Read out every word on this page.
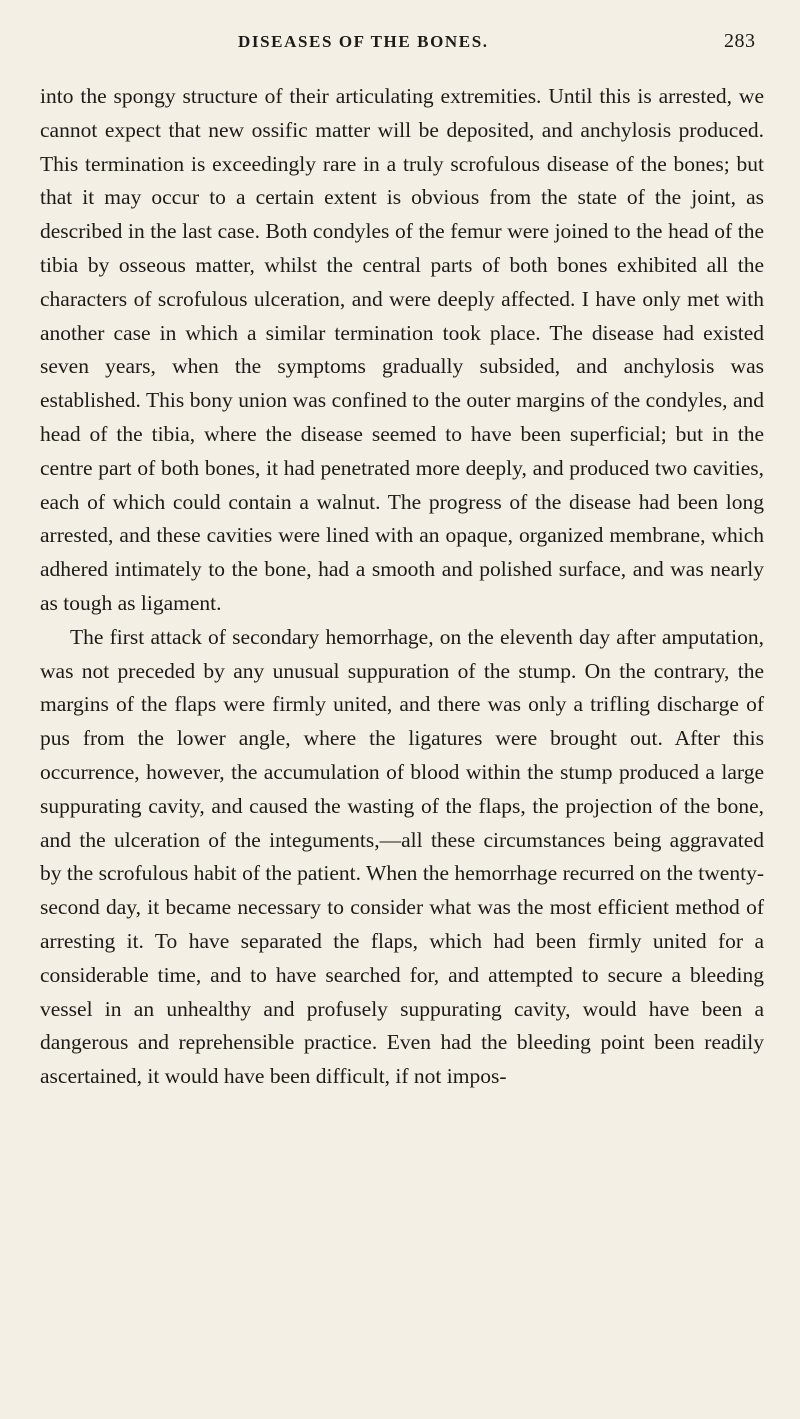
DISEASES OF THE BONES.	283

into the spongy structure of their articulating extremities. Until this is arrested, we cannot expect that new ossific matter will be deposited, and anchylosis produced. This termination is exceedingly rare in a truly scrofulous disease of the bones; but that it may occur to a certain extent is obvious from the state of the joint, as described in the last case. Both condyles of the femur were joined to the head of the tibia by osseous matter, whilst the central parts of both bones exhibited all the characters of scrofulous ulceration, and were deeply affected. I have only met with another case in which a similar termination took place. The disease had existed seven years, when the symptoms gradually subsided, and anchylosis was established. This bony union was confined to the outer margins of the condyles, and head of the tibia, where the disease seemed to have been superficial; but in the centre part of both bones, it had penetrated more deeply, and produced two cavities, each of which could contain a walnut. The progress of the disease had been long arrested, and these cavities were lined with an opaque, organized membrane, which adhered intimately to the bone, had a smooth and polished surface, and was nearly as tough as ligament.

The first attack of secondary hemorrhage, on the eleventh day after amputation, was not preceded by any unusual suppuration of the stump. On the contrary, the margins of the flaps were firmly united, and there was only a trifling discharge of pus from the lower angle, where the ligatures were brought out. After this occurrence, however, the accumulation of blood within the stump produced a large suppurating cavity, and caused the wasting of the flaps, the projection of the bone, and the ulceration of the integuments,—all these circumstances being aggravated by the scrofulous habit of the patient. When the hemorrhage recurred on the twenty-second day, it became necessary to consider what was the most efficient method of arresting it. To have separated the flaps, which had been firmly united for a considerable time, and to have searched for, and attempted to secure a bleeding vessel in an unhealthy and profusely suppurating cavity, would have been a dangerous and reprehensible practice. Even had the bleeding point been readily ascertained, it would have been difficult, if not impos-
